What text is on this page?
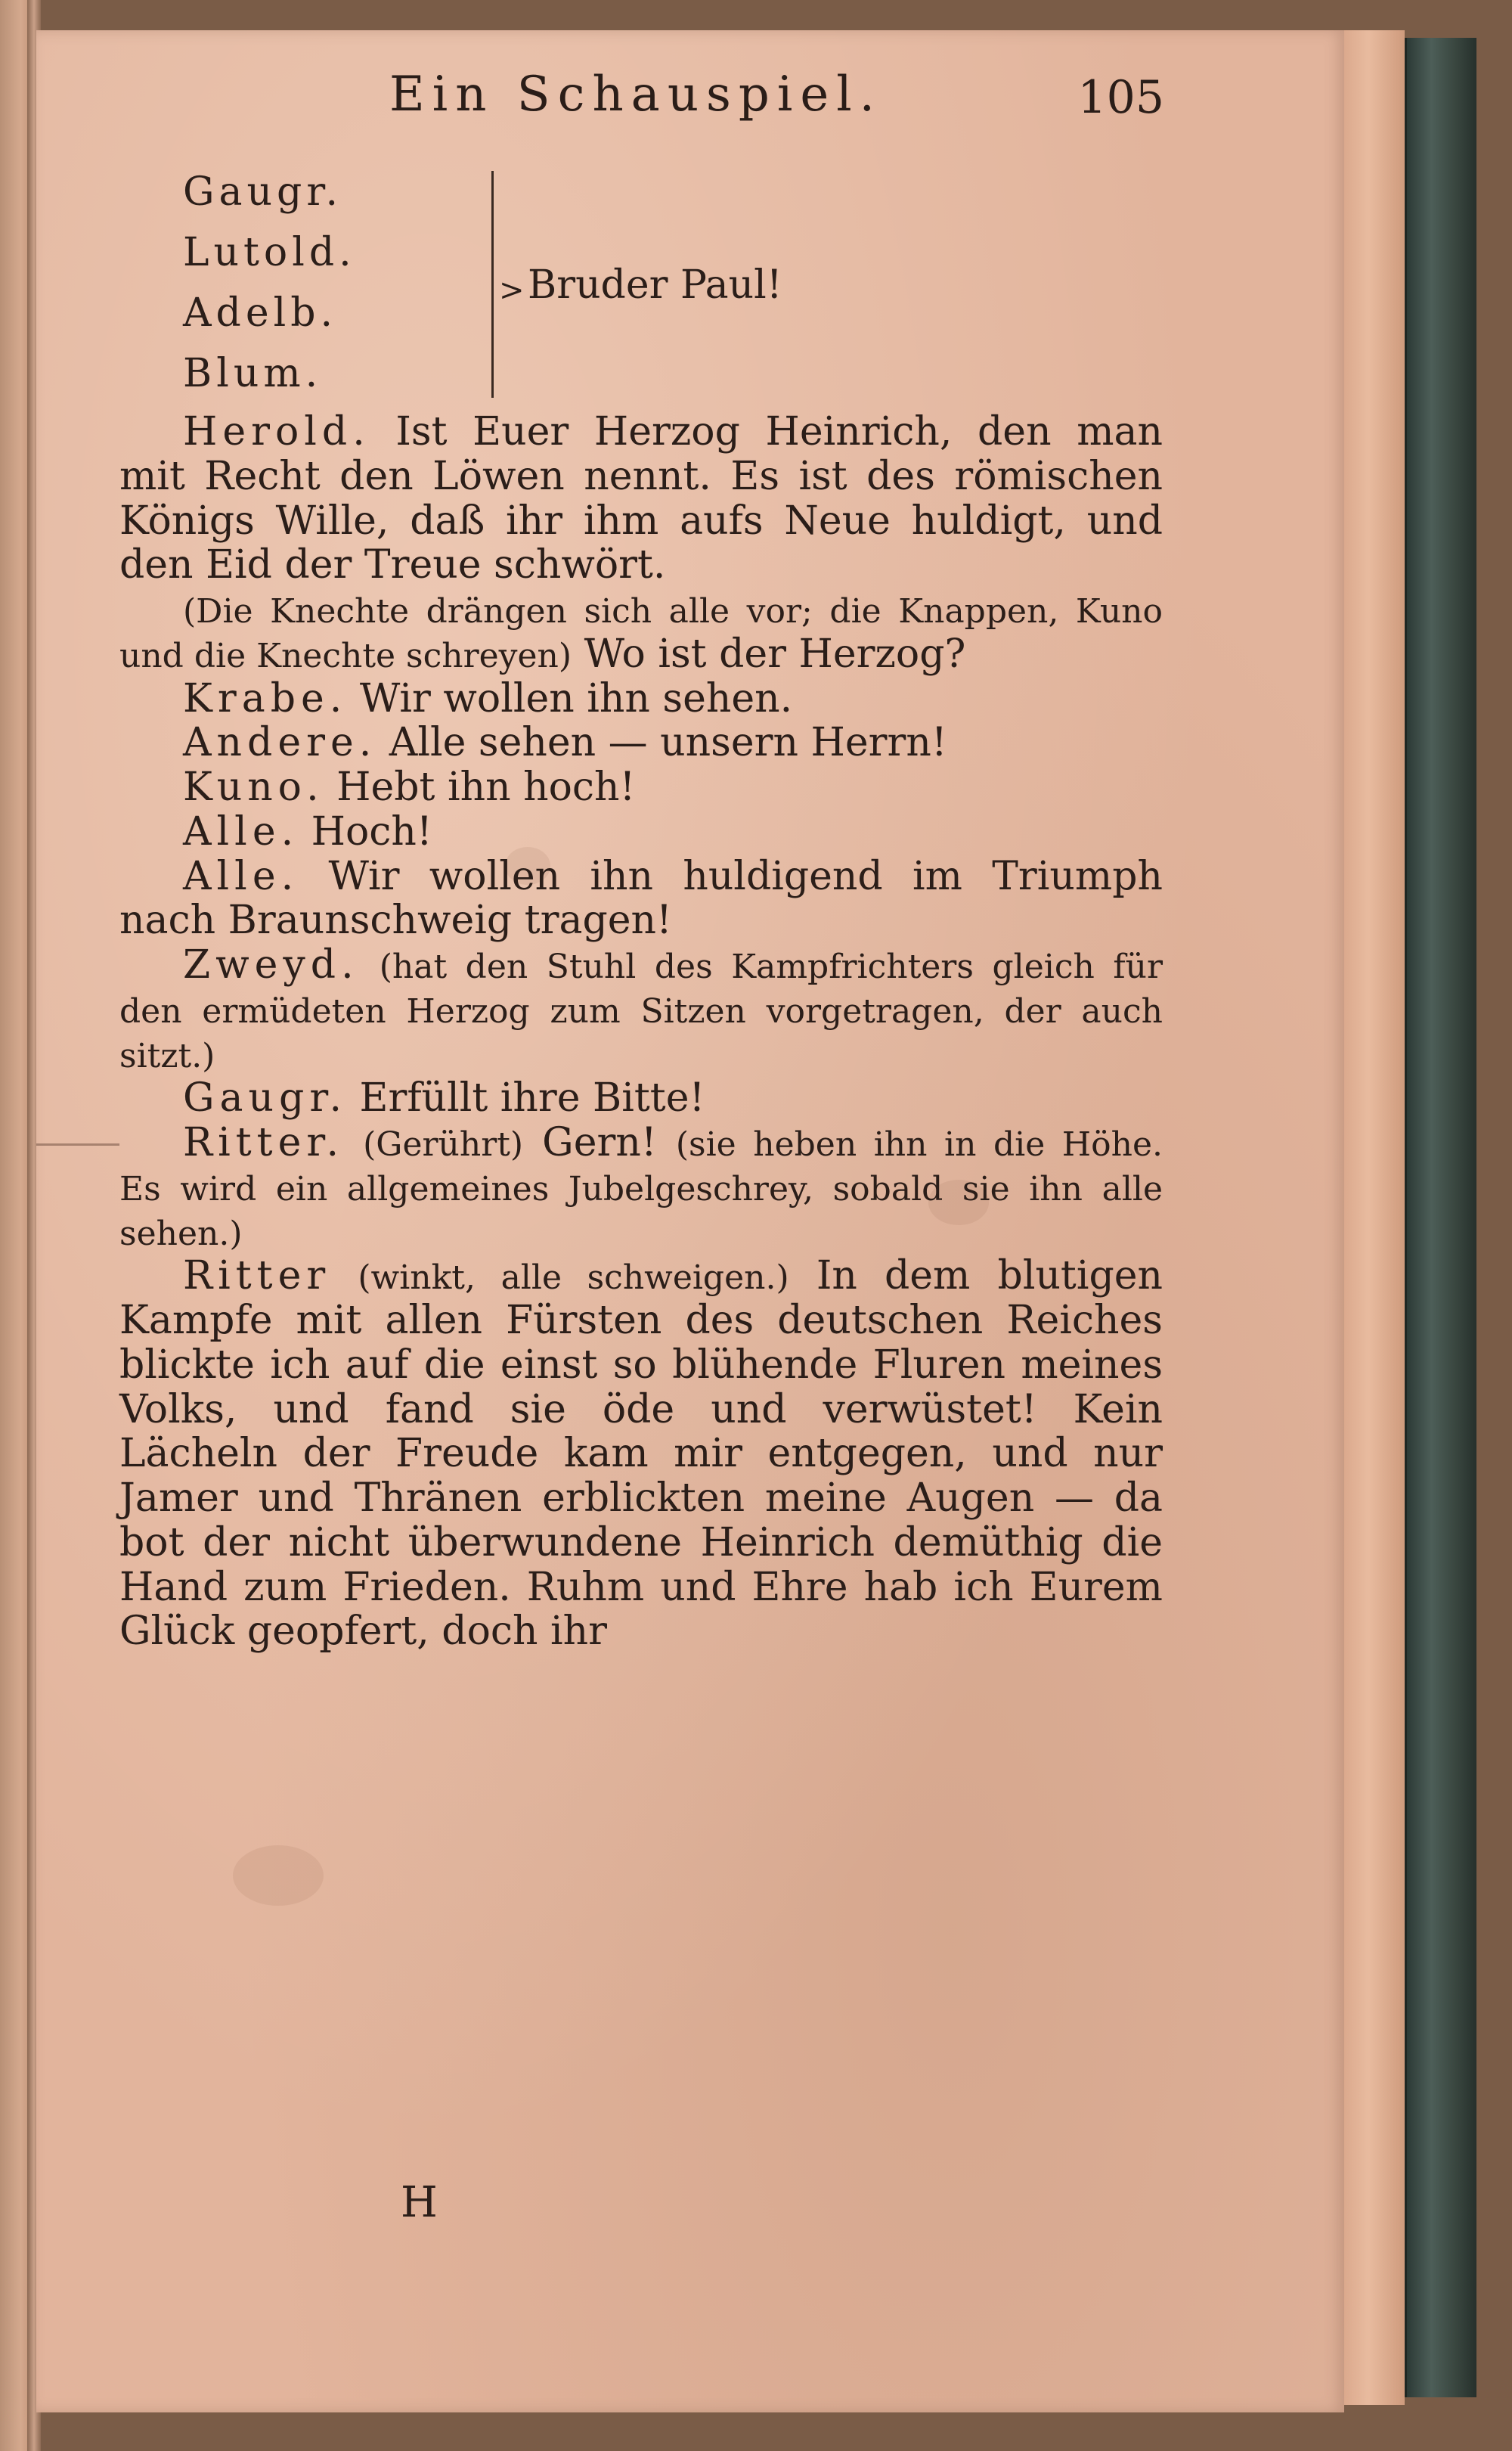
Ein Schauspiel.	105
Gaugr.
Lutold.
Adelb.
Blum.
> Bruder Paul!

Herold. Ist Euer Herzog Heinrich, den man mit Recht den Löwen nennt. Es ist des römischen Königs Wille, daß ihr ihm aufs Neue huldigt, und den Eid der Treue schwört.

(Die Knechte drängen sich alle vor; die Knappen, Kuno und die Knechte schreyen) Wo ist der Herzog?

Krabe. Wir wollen ihn sehen.

Andere. Alle sehen — unsern Herrn!

Kuno. Hebt ihn hoch!

Alle. Hoch!

Alle. Wir wollen ihn huldigend im Triumph nach Braunschweig tragen!

Zweyd. (hat den Stuhl des Kampfrichters gleich für den ermüdeten Herzog zum Sitzen vorgetragen, der auch sitzt.)

Gaugr. Erfüllt ihre Bitte!

Ritter. (Gerührt) Gern! (sie heben ihn in die Höhe. Es wird ein allgemeines Jubelgeschrey, sobald sie ihn alle sehen.)

Ritter (winkt, alle schweigen.) In dem blutigen Kampfe mit allen Fürsten des deutschen Reiches blickte ich auf die einst so blühende Fluren meines Volks, und fand sie öde und verwüstet! Kein Lächeln der Freude kam mir entgegen, und nur Jamer und Thränen erblickten meine Augen — da bot der nicht überwundene Heinrich demüthig die Hand zum Frieden. Ruhm und Ehre hab ich Eurem Glück geopfert, doch ihr

H
